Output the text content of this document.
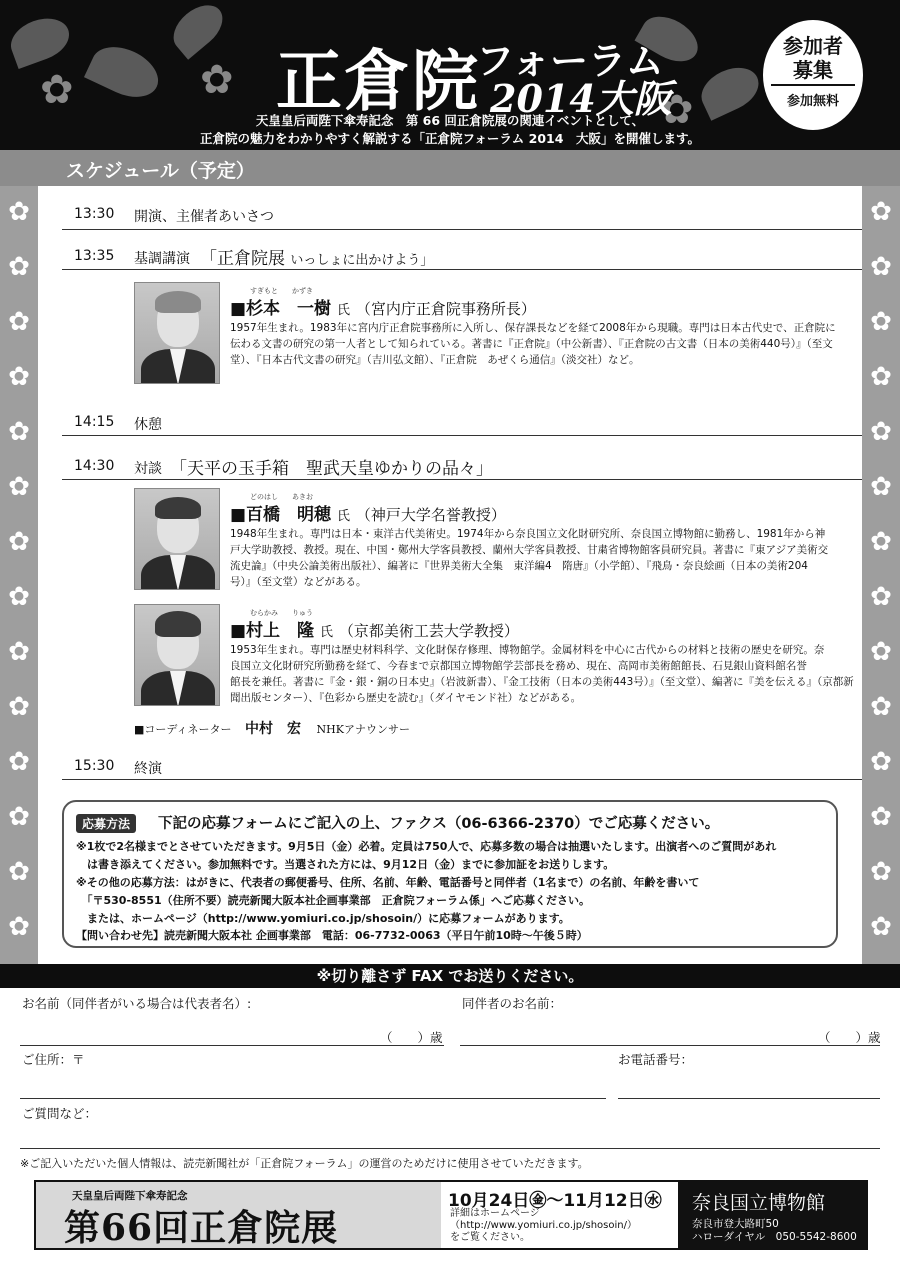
✿	✿
✿
正倉院
フォーラム
2014大阪
天皇皇后両陛下傘寿記念　第 66 回正倉院展の関連イベントとして、
正倉院の魅力をわかりやすく解説する「正倉院フォーラム 2014　大阪」を開催します。
参加者
募集
参加無料
スケジュール（予定）
✿
✿
✿
✿
✿
✿
✿
✿
✿
✿
✿
✿
✿
✿
✿
✿
✿
✿
✿
✿
✿
✿
✿
✿
✿
✿
✿
✿
13:30 開演、主催者あいさつ
13:35 基調講演 「正倉院展 いっしょに出かけよう」
すぎもと　　かずき
■杉本　一樹 氏 （宮内庁正倉院事務所長）
1957年生まれ。1983年に宮内庁正倉院事務所に入所し、保存課長などを経て2008年から現職。専門は日本古代史で、正倉院に
伝わる文書の研究の第一人者として知られている。著書に『正倉院』（中公新書）、『正倉院の古文書（日本の美術440号）』（至文
堂）、『日本古代文書の研究』（吉川弘文館）、『正倉院　あぜくら通信』（淡交社）など。
14:15 休憩
14:30 対談 「天平の玉手箱　聖武天皇ゆかりの品々」
どのはし　　あきお
■百橋　明穂 氏 （神戸大学名誉教授）
1948年生まれ。専門は日本・東洋古代美術史。1974年から奈良国立文化財研究所、奈良国立博物館に勤務し、1981年から神
戸大学助教授、教授。現在、中国・鄭州大学客員教授、蘭州大学客員教授、甘粛省博物館客員研究員。著書に『東アジア美術交
流史論』（中央公論美術出版社）、編著に『世界美術大全集　東洋編4　隋唐』（小学館）、『飛鳥・奈良絵画（日本の美術204
号）』（至文堂）などがある。
むらかみ　　りゅう
■村上　隆 氏 （京都美術工芸大学教授）
1953年生まれ。専門は歴史材料科学、文化財保存修理、博物館学。金属材料を中心に古代からの材料と技術の歴史を研究。奈
良国立文化財研究所勤務を経て、今春まで京都国立博物館学芸部長を務め、現在、高岡市美術館館長、石見銀山資料館名誉
館長を兼任。著書に『金・銀・銅の日本史』（岩波新書）、『金工技術（日本の美術443号）』（至文堂）、編著に『美を伝える』（京都新
聞出版センター）、『色彩から歴史を読む』（ダイヤモンド社）などがある。
■コーディネーター 中村　宏 NHKアナウンサー
15:30 終演
応募方法	下記の応募フォームにご記入の上、ファクス（06-6366-2370）でご応募ください。
※1枚で2名様までとさせていただきます。9月5日（金）必着。定員は750人で、応募多数の場合は抽選いたします。出演者へのご質問があれ
　は書き添えてください。参加無料です。当選された方には、9月12日（金）までに参加証をお送りします。
※その他の応募方法：はがきに、代表者の郵便番号、住所、名前、年齢、電話番号と同伴者（1名まで）の名前、年齢を書いて
　「〒530-8551（住所不要）読売新聞大阪本社企画事業部　正倉院フォーラム係」へご応募ください。
　または、ホームページ（http://www.yomiuri.co.jp/shosoin/）に応募フォームがあります。
【問い合わせ先】読売新聞大阪本社 企画事業部　電話：06-7732-0063（平日午前10時～午後５時）
※切り離さず FAX でお送りください。
お名前（同伴者がいる場合は代表者名）:	同伴者のお名前：
（　　）歳	（　　）歳
ご住所：〒	お電話番号：
ご質問など：
※ご記入いただいた個人情報は、読売新聞社が「正倉院フォーラム」の運営のためだけに使用させていただきます。
天皇皇后両陛下傘寿記念
第66回正倉院展
10月24日㊎～11月12日㊌
詳細はホームページ
（http://www.yomiuri.co.jp/shosoin/）
をご覧ください。
奈良国立博物館
奈良市登大路町50
ハローダイヤル　050-5542-8600
